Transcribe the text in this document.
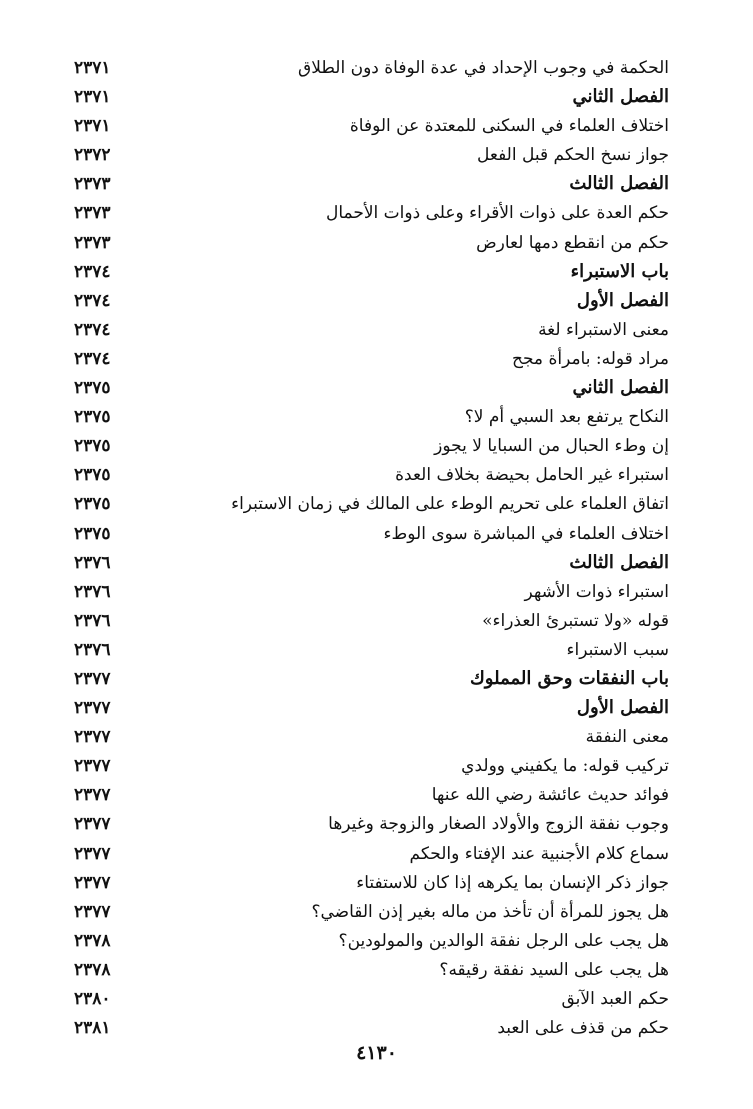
الحكمة في وجوب الإحداد في عدة الوفاة دون الطلاق
٢٣٧١
الفصل الثاني
٢٣٧١
اختلاف العلماء في السكنى للمعتدة عن الوفاة
٢٣٧١
جواز نسخ الحكم قبل الفعل
٢٣٧٢
الفصل الثالث
٢٣٧٣
حكم العدة على ذوات الأقراء وعلى ذوات الأحمال
٢٣٧٣
حكم من انقطع دمها لعارض
٢٣٧٣
باب الاستبراء
٢٣٧٤
الفصل الأول
٢٣٧٤
معنى الاستبراء لغة
٢٣٧٤
مراد قوله: بامرأة مجح
٢٣٧٤
الفصل الثاني
٢٣٧٥
النكاح يرتفع بعد السبي أم لا؟
٢٣٧٥
إن وطء الحبال من السبايا لا يجوز
٢٣٧٥
استبراء غير الحامل بحيضة بخلاف العدة
٢٣٧٥
اتفاق العلماء على تحريم الوطء على المالك في زمان الاستبراء
٢٣٧٥
اختلاف العلماء في المباشرة سوى الوطء
٢٣٧٥
الفصل الثالث
٢٣٧٦
استبراء ذوات الأشهر
٢٣٧٦
قوله «ولا تستبرئ العذراء»
٢٣٧٦
سبب الاستبراء
٢٣٧٦
باب النفقات وحق المملوك
٢٣٧٧
الفصل الأول
٢٣٧٧
معنى النفقة
٢٣٧٧
تركيب قوله: ما يكفيني وولدي
٢٣٧٧
فوائد حديث عائشة رضي الله عنها
٢٣٧٧
وجوب نفقة الزوج والأولاد الصغار والزوجة وغيرها
٢٣٧٧
سماع كلام الأجنبية عند الإفتاء والحكم
٢٣٧٧
جواز ذكر الإنسان بما يكرهه إذا كان للاستفتاء
٢٣٧٧
هل يجوز للمرأة أن تأخذ من ماله بغير إذن القاضي؟
٢٣٧٧
هل يجب على الرجل نفقة الوالدين والمولودين؟
٢٣٧٨
هل يجب على السيد نفقة رقيقه؟
٢٣٧٨
حكم العبد الآبق
٢٣٨٠
حكم من قذف على العبد
٢٣٨١
٤١٣٠
